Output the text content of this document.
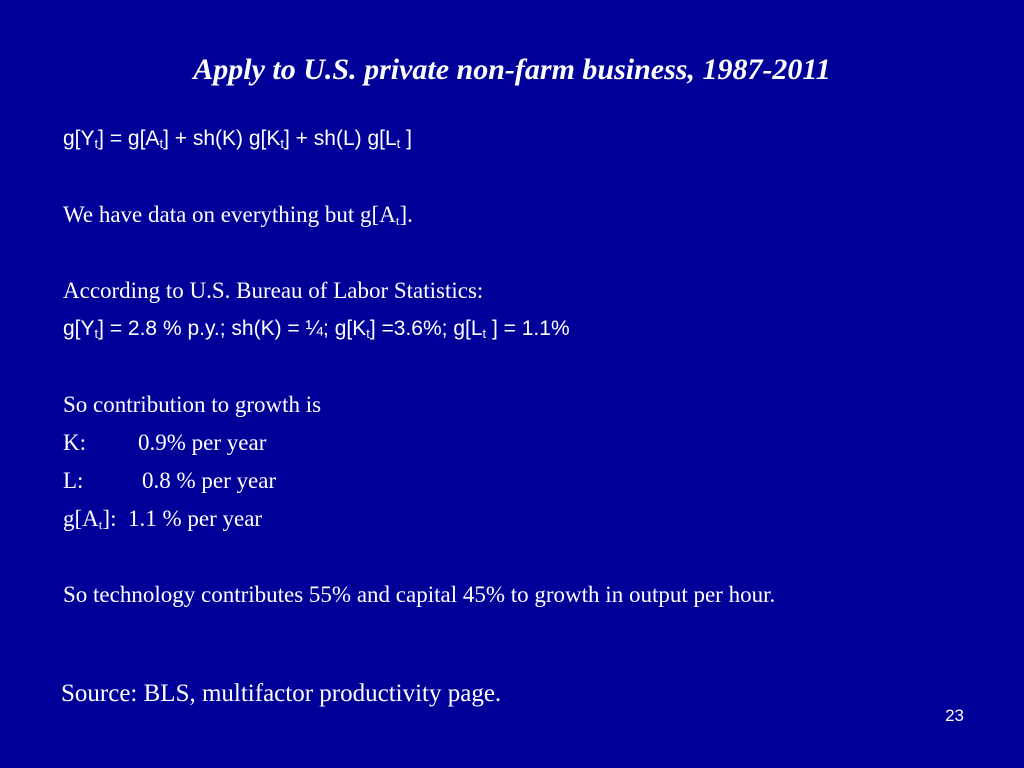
Apply to U.S. private non-farm business, 1987-2011

$g[Y_t] = g[A_t] + sh(K) g[K_t] + sh(L)$ $g[L_t$ ]

We have data on everything but $g[A_t]$.

According to U.S. Bureau of Labor Statistics:

$g[Y_t] = 2.8$ % p.y.; sh(K) = ¼; $g[K_t] =3.6\%$; $g[L_t$ ] = 1.1%

So contribution to growth is

K: 0.9% per year

L:	0.8 % per year

$g[A_t]$: 1.1 % per year

So technology contributes 55% and capital 45% to growth in output per hour.

Source: BLS, multifactor productivity page.
23
